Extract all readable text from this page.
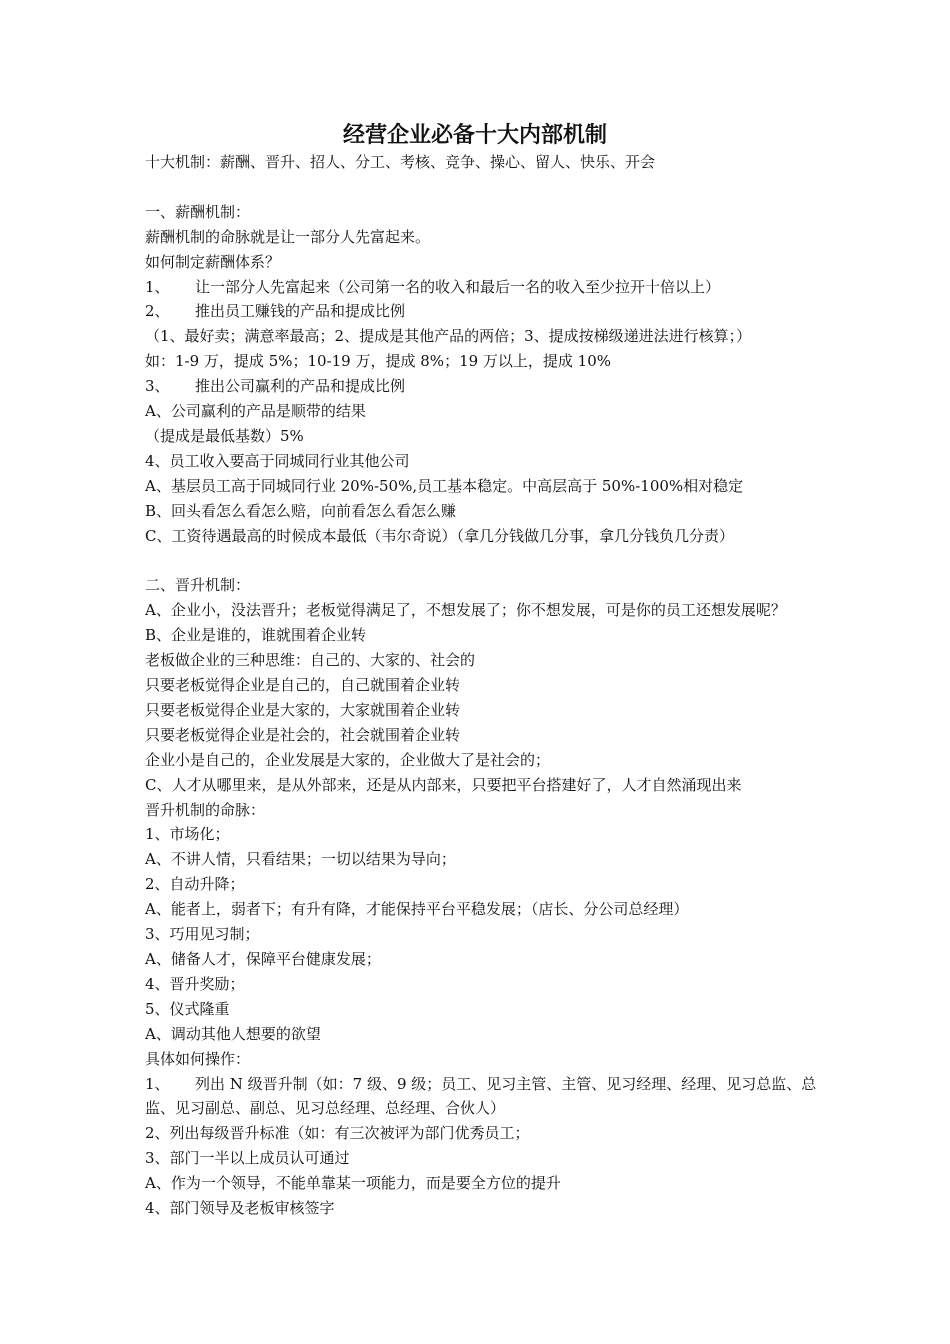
经营企业必备十大内部机制
十大机制：薪酬、晋升、招人、分工、考核、竞争、操心、留人、快乐、开会
一、薪酬机制：
薪酬机制的命脉就是让一部分人先富起来。
如何制定薪酬体系？
1、 让一部分人先富起来（公司第一名的收入和最后一名的收入至少拉开十倍以上）
2、 推出员工赚钱的产品和提成比例
（1、最好卖；满意率最高；2、提成是其他产品的两倍；3、提成按梯级递进法进行核算；）
如：1-9 万，提成 5%；10-19 万，提成 8%；19 万以上，提成 10%
3、 推出公司赢利的产品和提成比例
A、公司赢利的产品是顺带的结果
（提成是最低基数）5%
4、员工收入要高于同城同行业其他公司
A、基层员工高于同城同行业 20%-50%,员工基本稳定。中高层高于 50%-100%相对稳定
B、回头看怎么看怎么赔，向前看怎么看怎么赚
C、工资待遇最高的时候成本最低（韦尔奇说）（拿几分钱做几分事，拿几分钱负几分责）
二、晋升机制：
A、企业小，没法晋升；老板觉得满足了，不想发展了；你不想发展，可是你的员工还想发展呢？
B、企业是谁的，谁就围着企业转
老板做企业的三种思维：自己的、大家的、社会的
只要老板觉得企业是自己的，自己就围着企业转
只要老板觉得企业是大家的，大家就围着企业转
只要老板觉得企业是社会的，社会就围着企业转
企业小是自己的，企业发展是大家的，企业做大了是社会的；
C、人才从哪里来，是从外部来，还是从内部来，只要把平台搭建好了，人才自然涌现出来
晋升机制的命脉：
1、市场化；
A、不讲人情，只看结果；一切以结果为导向；
2、自动升降；
A、能者上，弱者下；有升有降，才能保持平台平稳发展；（店长、分公司总经理）
3、巧用见习制；
A、储备人才，保障平台健康发展；
4、晋升奖励；
5、仪式隆重
A、调动其他人想要的欲望
具体如何操作：
1、 列出 N 级晋升制（如：7 级、9 级；员工、见习主管、主管、见习经理、经理、见习总监、总
监、见习副总、副总、见习总经理、总经理、合伙人）
2、列出每级晋升标准（如：有三次被评为部门优秀员工；
3、部门一半以上成员认可通过
A、作为一个领导，不能单靠某一项能力，而是要全方位的提升
4、部门领导及老板审核签字
